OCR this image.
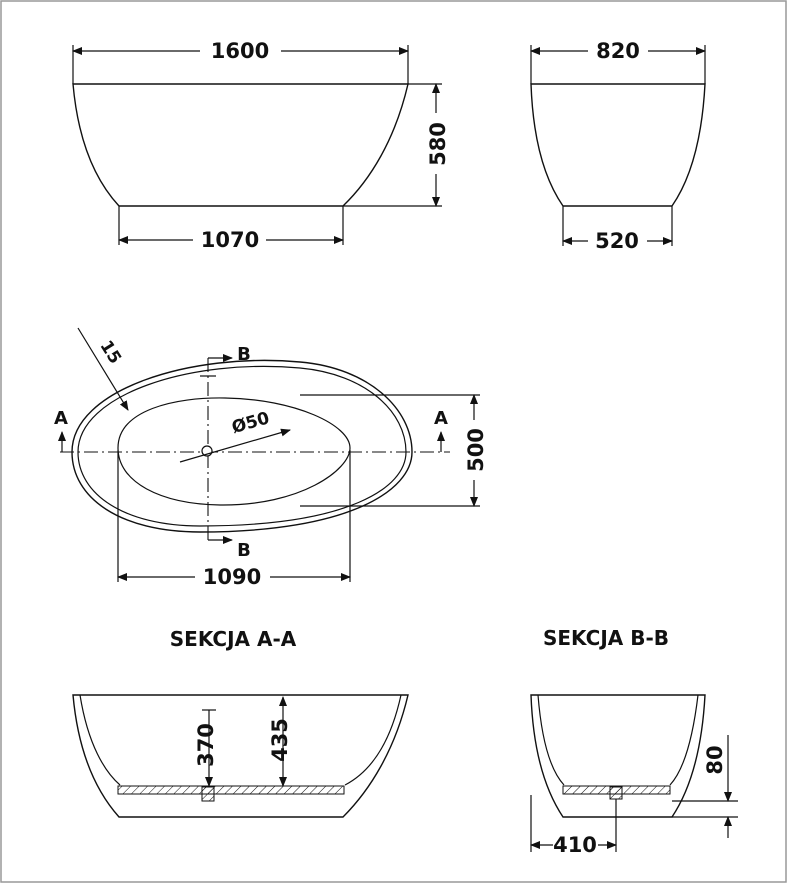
1600
1070
580
820
520
A	A
B
B
Ø50
15
500
1090
SEKCJA A-A	SEKCJA B-B
370 435	80
410
